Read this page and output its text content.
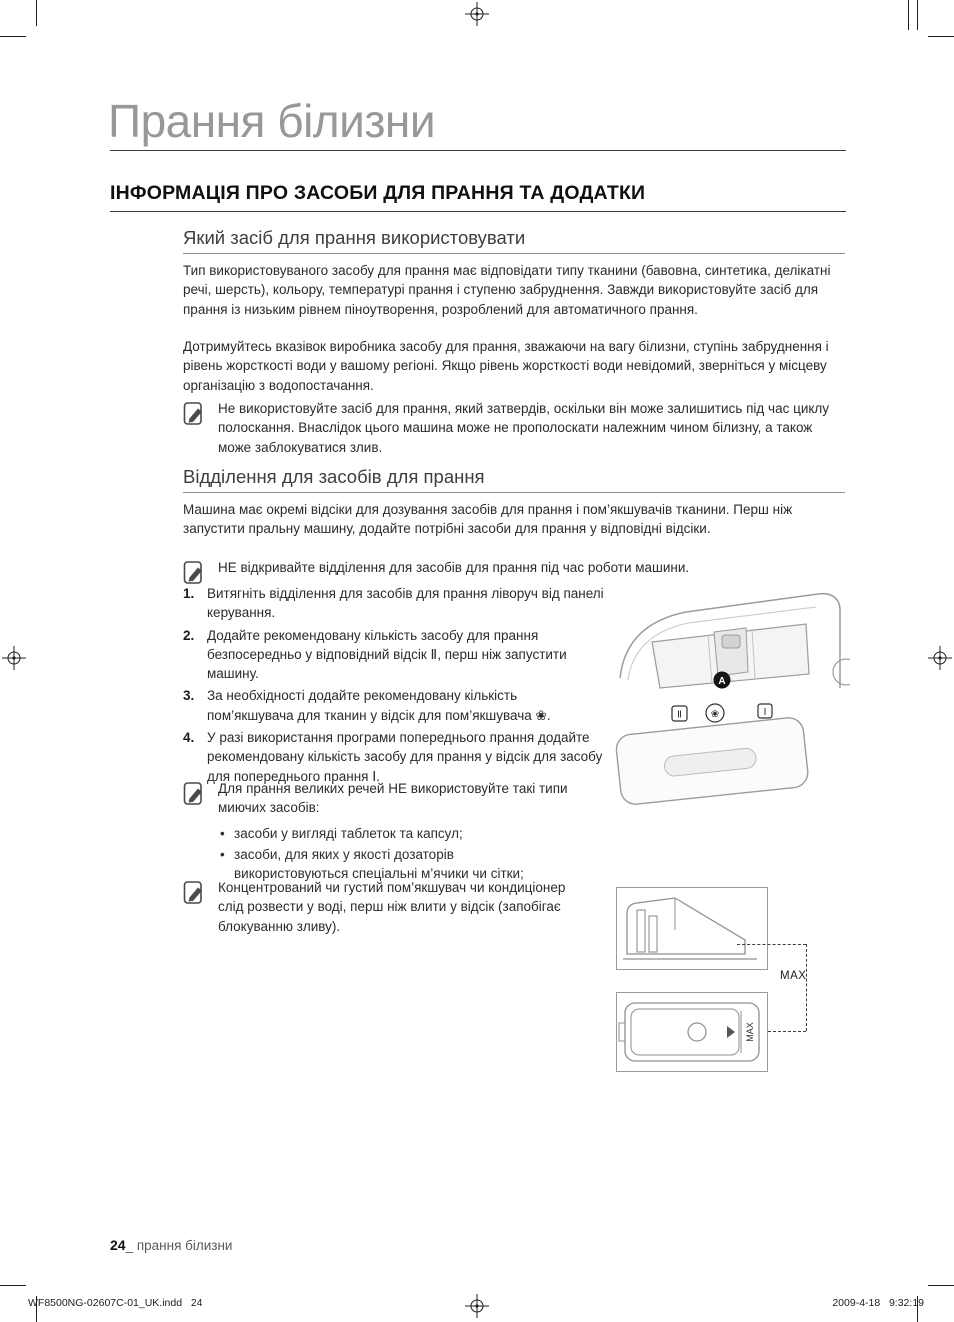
Прання білизни
ІНФОРМАЦІЯ ПРО ЗАСОБИ ДЛЯ ПРАННЯ ТА ДОДАТКИ
Який засіб для прання використовувати

Тип використовуваного засобу для прання має відповідати типу тканини (бавовна, синтетика, делікатні речі, шерсть), кольору, температурі прання і ступеню забруднення. Завжди використовуйте засіб для прання із низьким рівнем піноутворення, розроблений для автоматичного прання.

Дотримуйтесь вказівок виробника засобу для прання, зважаючи на вагу білизни, ступінь забруднення і рівень жорсткості води у вашому регіоні. Якщо рівень жорсткості води невідомий, зверніться у місцеву організацію з водопостачання.

Не використовуйте засіб для прання, який затвердів, оскільки він може залишитись під час циклу полоскання. Внаслідок цього машина може не прополоскати належним чином білизну, а також може заблокуватися злив.

Відділення для засобів для прання

Машина має окремі відсіки для дозування засобів для прання і пом’якшувачів тканини. Перш ніж запустити пральну машину, додайте потрібні засоби для прання у відповідні відсіки.

НЕ відкривайте відділення для засобів для прання під час роботи машини.

1. Витягніть відділення для засобів для прання ліворуч від панелі керування.
2. Додайте рекомендовану кількість засобу для прання безпосередньо у відповідний відсік Ⅱ, перш ніж запустити машину.
3. За необхідності додайте рекомендовану кількість пом’якшувача для тканин у відсік для пом’якшувача ❀.
4. У разі використання програми попереднього прання додайте рекомендовану кількість засобу для прання у відсік для засобу для попереднього прання Ⅰ.
A
Ⅱ	❀	Ⅰ

Для прання великих речей НЕ використовуйте такі типи миючих засобів:

• засоби у вигляді таблеток та капсул;
• засоби, для яких у якості дозаторів використовуються спеціальні м’ячики чи сітки;

Концентрований чи густий пом’якшувач чи кондиціонер слід розвести у воді, перш ніж влити у відсік (запобігає блокуванню зливу).

MAX
MAX
24_ прання білизни
WF8500NG-02607C-01_UK.indd   24	2009-4-18   9:32:19
